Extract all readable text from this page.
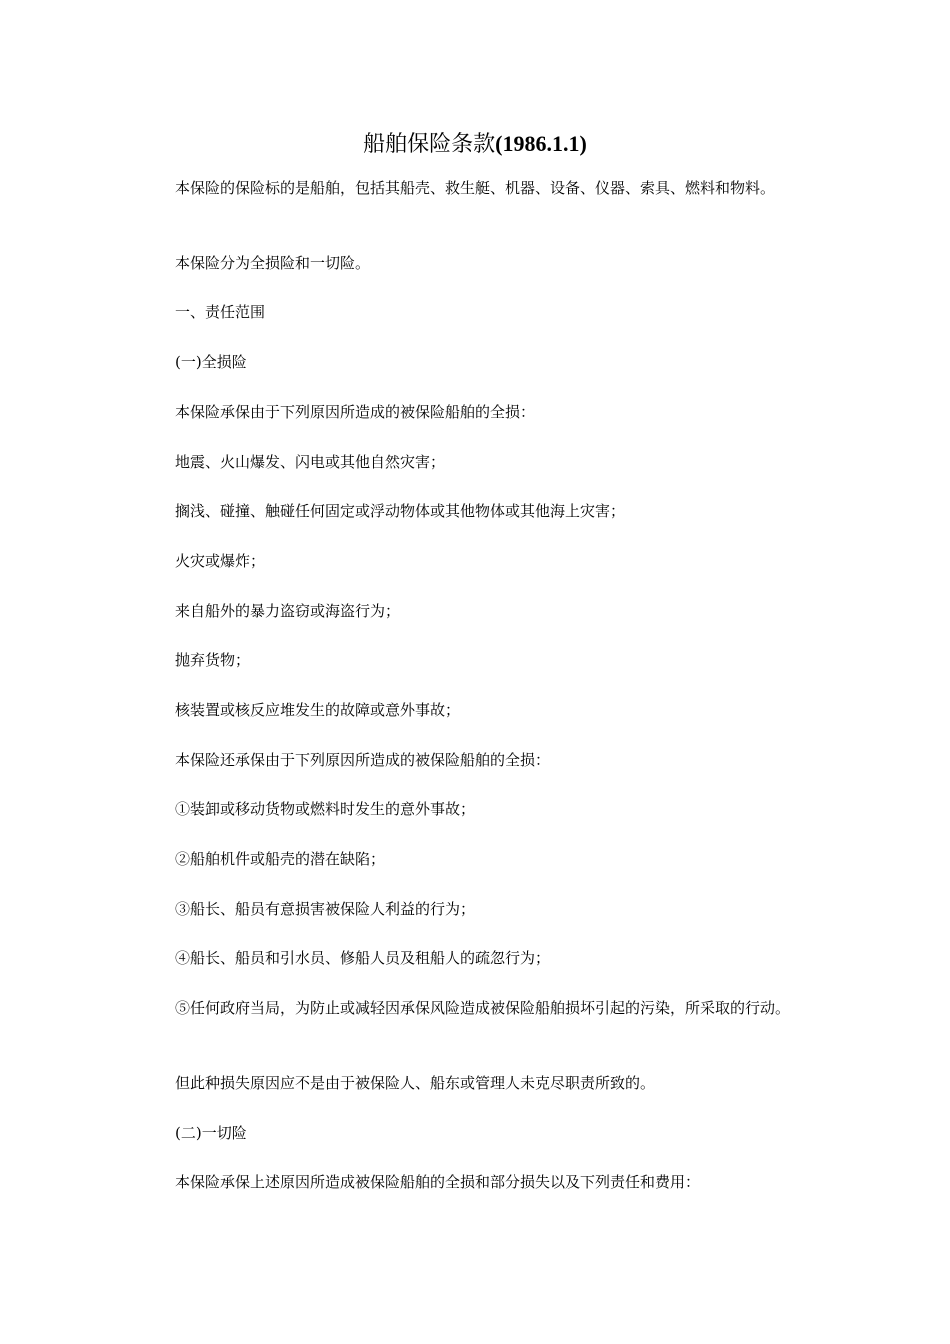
船舶保险条款(1986.1.1)

本保险的保险标的是船舶，包括其船壳、救生艇、机器、设备、仪器、索具、燃料和物料。

本保险分为全损险和一切险。

一、责任范围

(一)全损险

本保险承保由于下列原因所造成的被保险船舶的全损：

地震、火山爆发、闪电或其他自然灾害；

搁浅、碰撞、触碰任何固定或浮动物体或其他物体或其他海上灾害；

火灾或爆炸；

来自船外的暴力盗窃或海盗行为；

抛弃货物；

核装置或核反应堆发生的故障或意外事故；

本保险还承保由于下列原因所造成的被保险船舶的全损：

①装卸或移动货物或燃料时发生的意外事故；

②船舶机件或船壳的潜在缺陷；

③船长、船员有意损害被保险人利益的行为；

④船长、船员和引水员、修船人员及租船人的疏忽行为；

⑤任何政府当局，为防止或减轻因承保风险造成被保险船舶损坏引起的污染，所采取的行动。

但此种损失原因应不是由于被保险人、船东或管理人未克尽职责所致的。

(二)一切险

本保险承保上述原因所造成被保险船舶的全损和部分损失以及下列责任和费用：
